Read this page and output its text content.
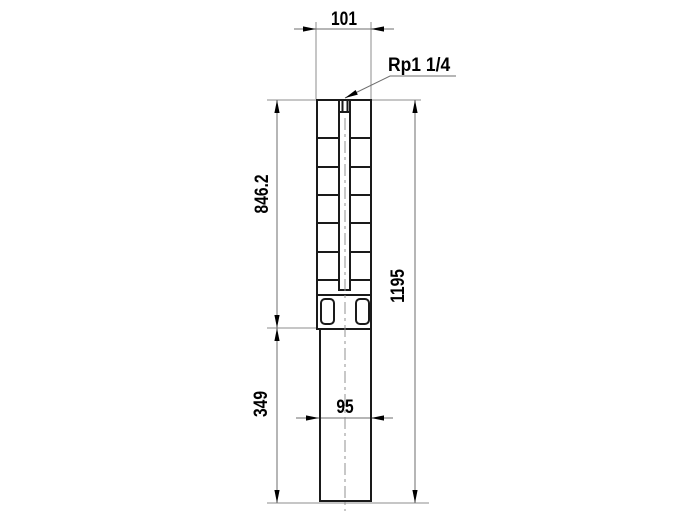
101
Rp1 1/4
846.2
349
1195
95
